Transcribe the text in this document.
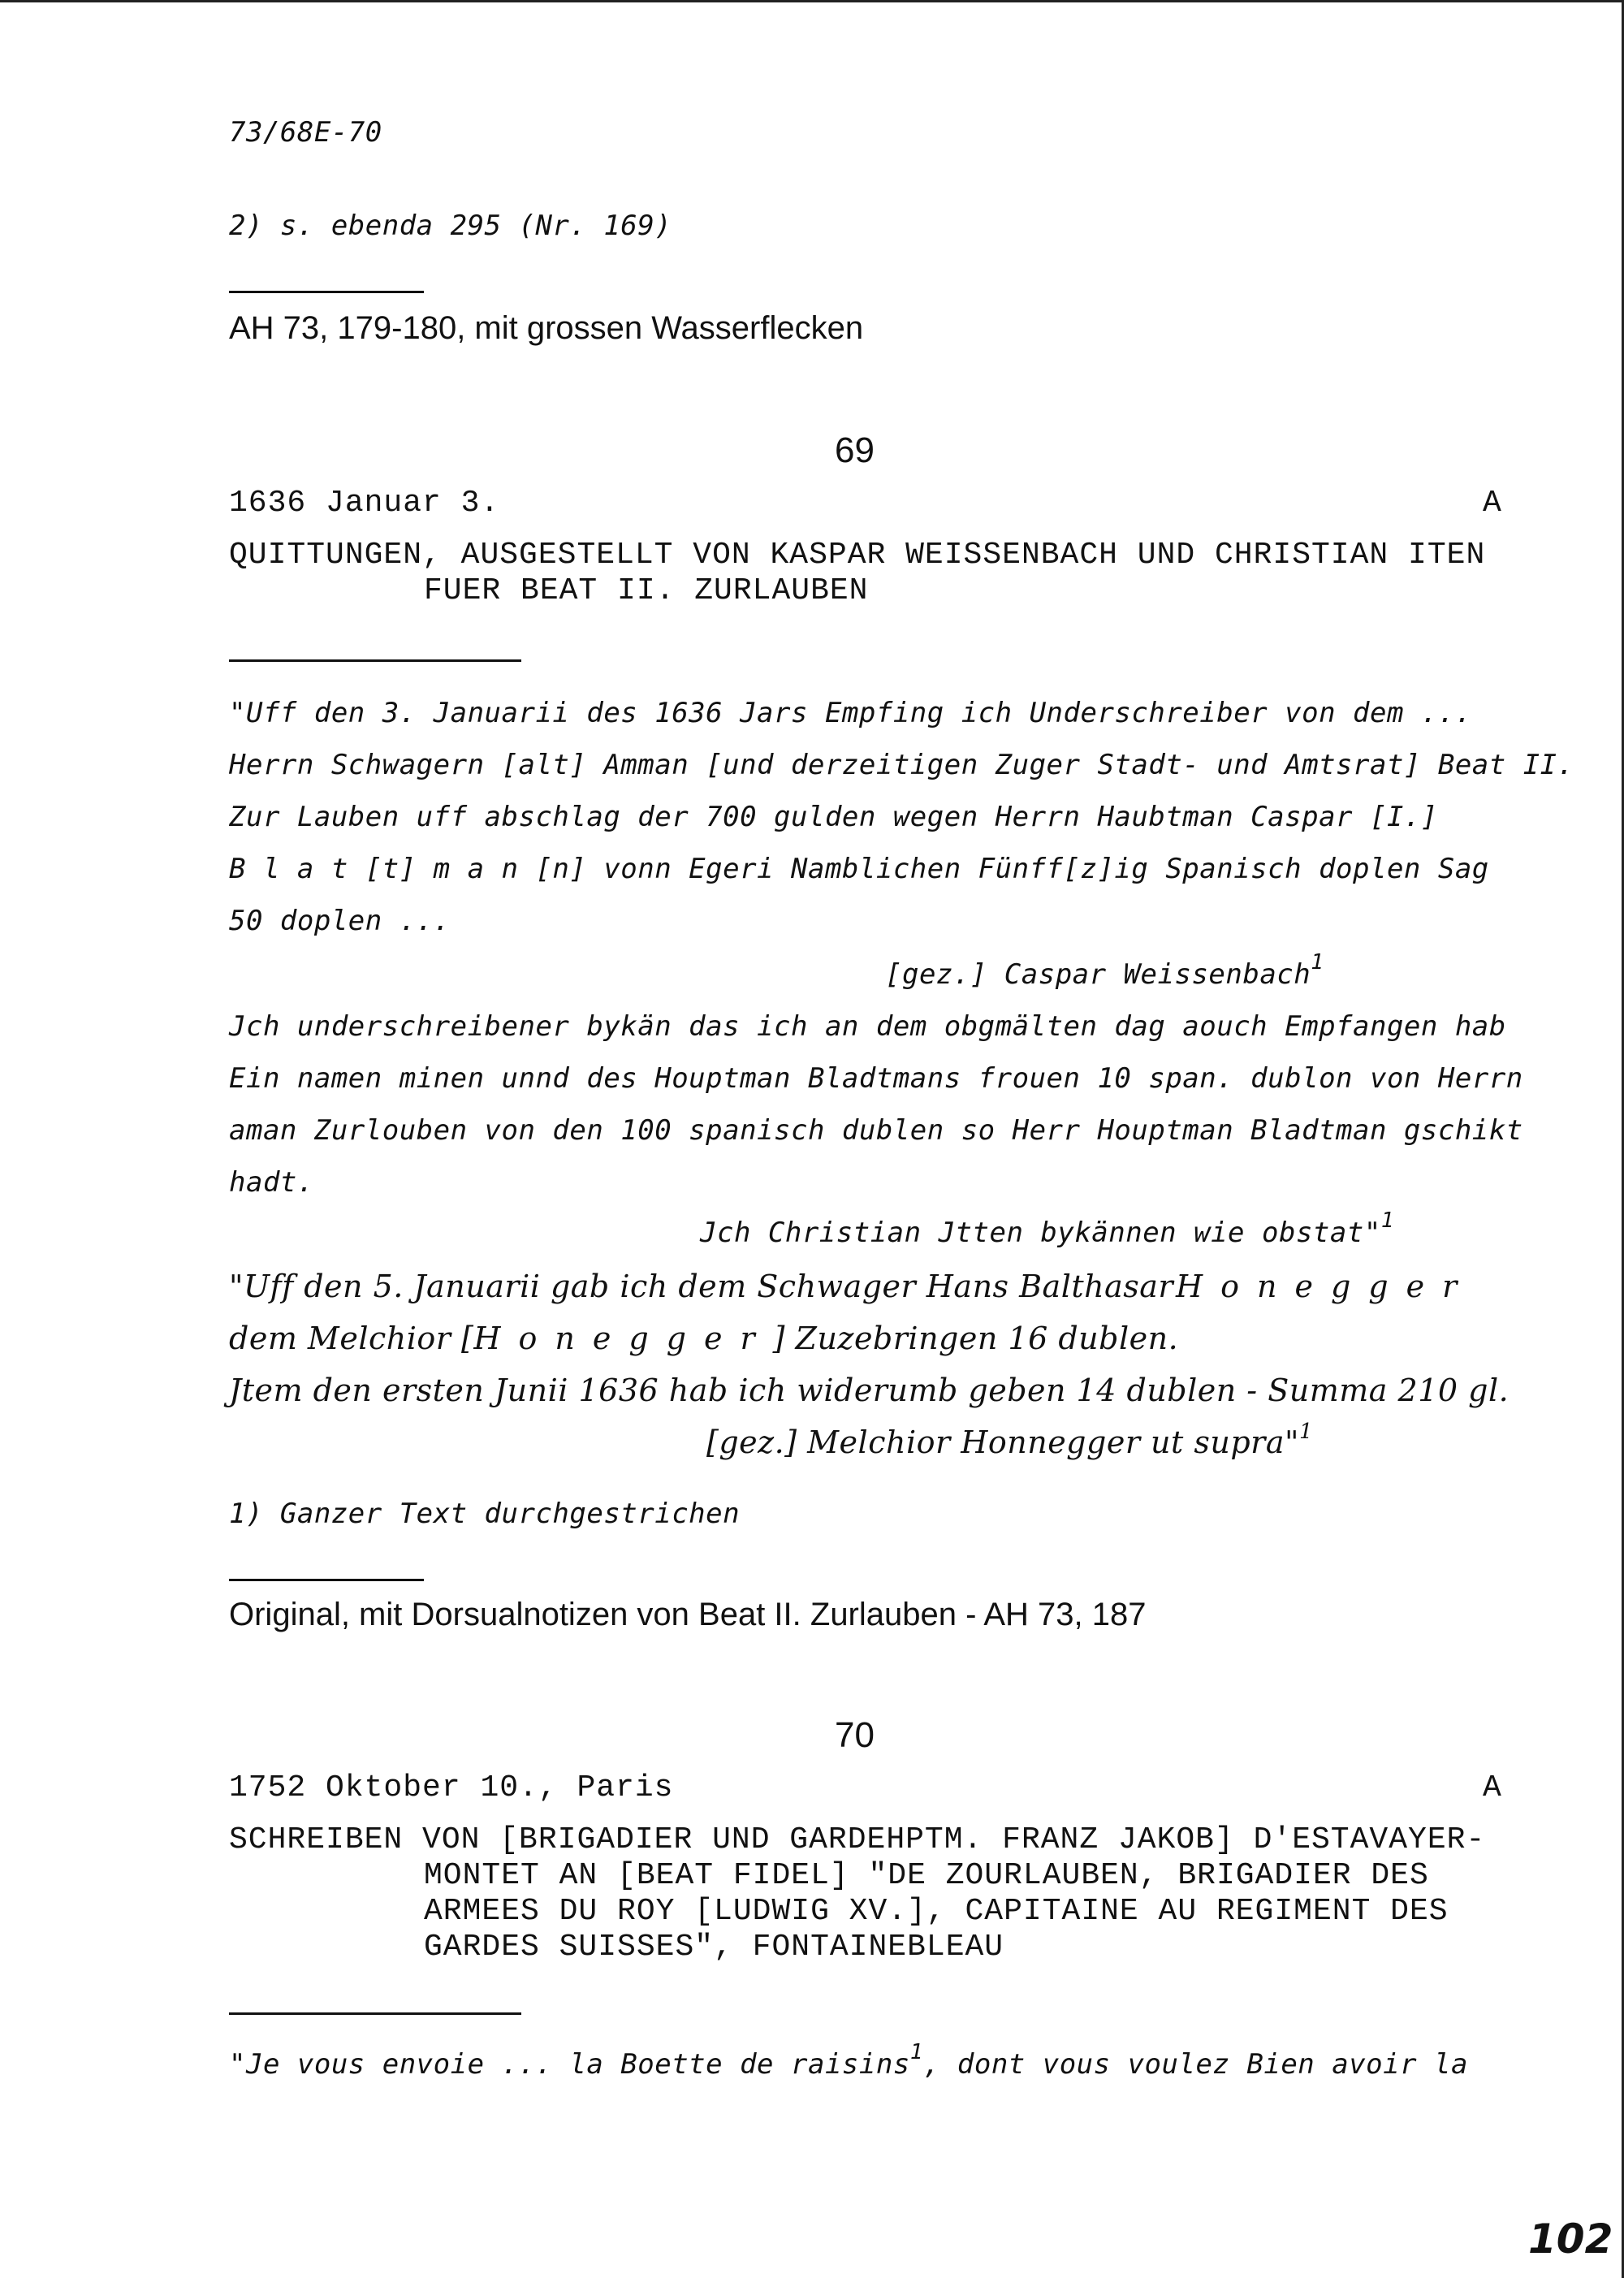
73/68E-70

2) s. ebenda 295 (Nr. 169)

AH 73, 179-180, mit grossen Wasserflecken

69

1636 Januar 3.	A

QUITTUNGEN, AUSGESTELLT VON KASPAR WEISSENBACH UND CHRISTIAN ITEN

FUER BEAT II. ZURLAUBEN

"Uff den 3. Januarii des 1636 Jars Empfing ich Underschreiber von dem ...

Herrn Schwagern [alt] Amman [und derzeitigen Zuger Stadt- und Amtsrat] Beat II.

Zur Lauben uff abschlag der 700 gulden wegen Herrn Haubtman Caspar [I.]

B l a t [t] m a n [n] vonn Egeri Namblichen Fünff[z]ig Spanisch doplen Sag

50 doplen ...

[gez.] Caspar Weissenbach$^1$

Jch underschreibener bykän das ich an dem obgmälten dag aouch Empfangen hab

Ein namen minen unnd des Houptman Bladtmans frouen 10 span. dublon von Herrn

aman Zurlouben von den 100 spanisch dublen so Herr Houptman Bladtman gschikt

hadt.

Jch Christian Jtten bykännen wie obstat"$^1$

"Uff den 5. Januarii gab ich dem Schwager Hans Balthasar Honegger

dem Melchior [Honegger] Zuzebringen 16 dublen.

Jtem den ersten Junii 1636 hab ich widerumb geben 14 dublen - Summa 210 gl.

[gez.] Melchior Honnegger ut supra"$^1$

1) Ganzer Text durchgestrichen

Original, mit Dorsualnotizen von Beat II. Zurlauben - AH 73, 187

70

1752 Oktober 10., Paris	A

SCHREIBEN VON [BRIGADIER UND GARDEHPTM. FRANZ JAKOB] D'ESTAVAYER-

MONTET AN [BEAT FIDEL] "DE ZOURLAUBEN, BRIGADIER DES

ARMEES DU ROY [LUDWIG XV.], CAPITAINE AU REGIMENT DES

GARDES SUISSES", FONTAINEBLEAU

"Je vous envoie ... la Boette de raisins$^1$, dont vous voulez Bien avoir la

102
